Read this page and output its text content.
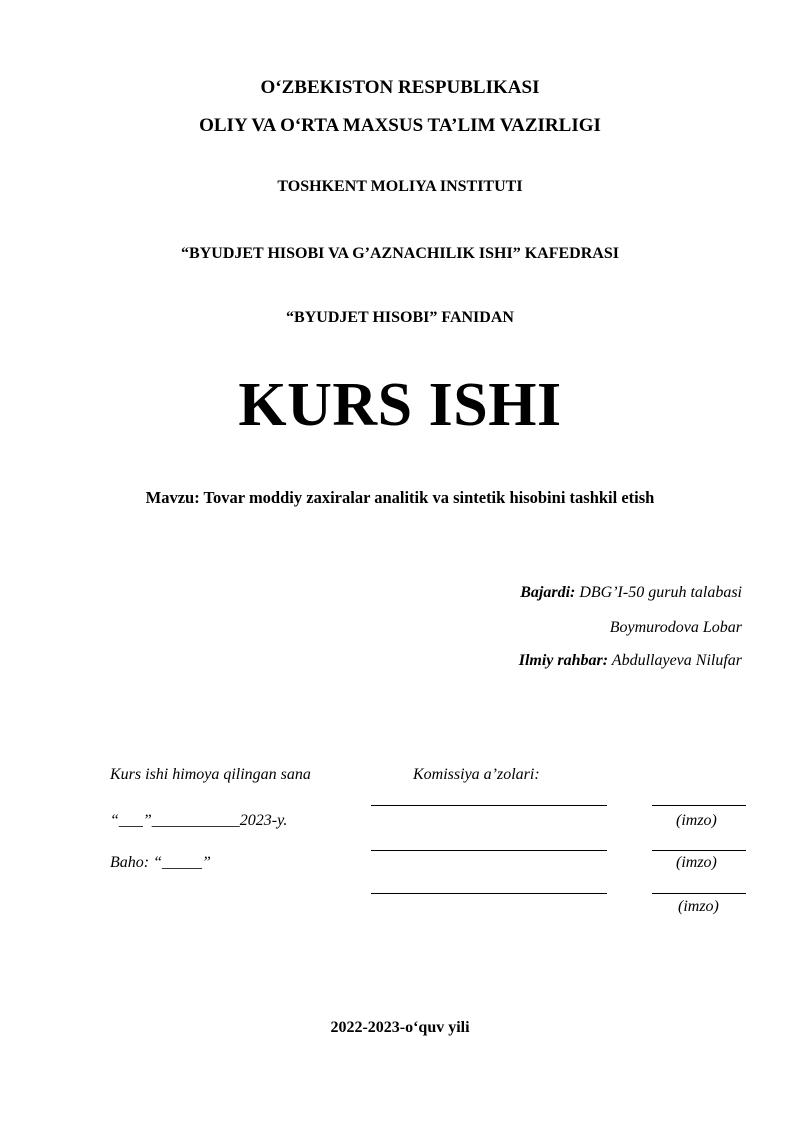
O‘ZBEKISTON RESPUBLIKASI
OLIY VA O‘RTA MAXSUS TA’LIM VAZIRLIGI
TOSHKENT MOLIYA INSTITUTI
“BYUDJET HISOBI VA G’AZNACHILIK ISHI” KAFEDRASI
“BYUDJET HISOBI” FANIDAN
KURS ISHI
Mavzu: Tovar moddiy zaxiralar analitik va sintetik hisobini tashkil etish
Bajardi: DBG’I-50 guruh talabasi
Boymurodova Lobar
Ilmiy rahbar: Abdullayeva Nilufar
Kurs ishi himoya qilingan sana	Komissiya a’zolari:
“___”___________2023-y.	(imzo)
Baho: “_____”	(imzo)
(imzo)
2022-2023-o‘quv yili
